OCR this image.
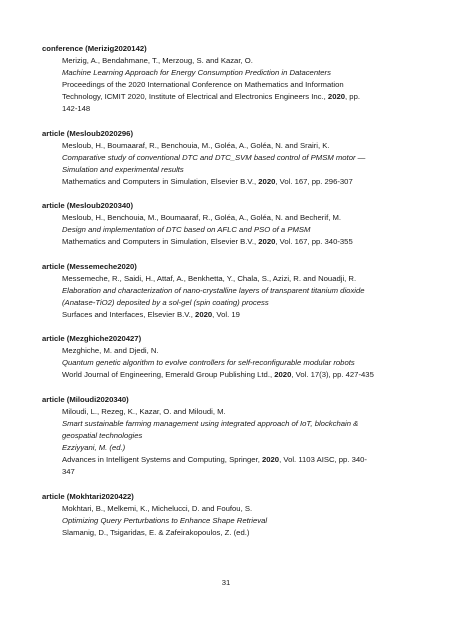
conference (Merizig2020142)
Merizig, A., Bendahmane, T., Merzoug, S. and Kazar, O.
Machine Learning Approach for Energy Consumption Prediction in Datacenters
Proceedings of the 2020 International Conference on Mathematics and Information
Technology, ICMIT 2020, Institute of Electrical and Electronics Engineers Inc., 2020, pp.
142-148
article (Mesloub2020296)
Mesloub, H., Boumaaraf, R., Benchouia, M., Goléa, A., Goléa, N. and Srairi, K.
Comparative study of conventional DTC and DTC_SVM based control of PMSM motor —
Simulation and experimental results
Mathematics and Computers in Simulation, Elsevier B.V., 2020, Vol. 167, pp. 296-307
article (Mesloub2020340)
Mesloub, H., Benchouia, M., Boumaaraf, R., Goléa, A., Goléa, N. and Becherif, M.
Design and implementation of DTC based on AFLC and PSO of a PMSM
Mathematics and Computers in Simulation, Elsevier B.V., 2020, Vol. 167, pp. 340-355
article (Messemeche2020)
Messemeche, R., Saidi, H., Attaf, A., Benkhetta, Y., Chala, S., Azizi, R. and Nouadji, R.
Elaboration and characterization of nano-crystalline layers of transparent titanium dioxide
(Anatase-TiO2) deposited by a sol-gel (spin coating) process
Surfaces and Interfaces, Elsevier B.V., 2020, Vol. 19
article (Mezghiche2020427)
Mezghiche, M. and Djedi, N.
Quantum genetic algorithm to evolve controllers for self-reconfigurable modular robots
World Journal of Engineering, Emerald Group Publishing Ltd., 2020, Vol. 17(3), pp. 427-435
article (Miloudi2020340)
Miloudi, L., Rezeg, K., Kazar, O. and Miloudi, M.
Smart sustainable farming management using integrated approach of IoT, blockchain &
geospatial technologies
Ezziyyani, M. (ed.)
Advances in Intelligent Systems and Computing, Springer, 2020, Vol. 1103 AISC, pp. 340-
347
article (Mokhtari2020422)
Mokhtari, B., Melkemi, K., Michelucci, D. and Foufou, S.
Optimizing Query Perturbations to Enhance Shape Retrieval
Slamanig, D., Tsigaridas, E. & Zafeirakopoulos, Z. (ed.)
31
